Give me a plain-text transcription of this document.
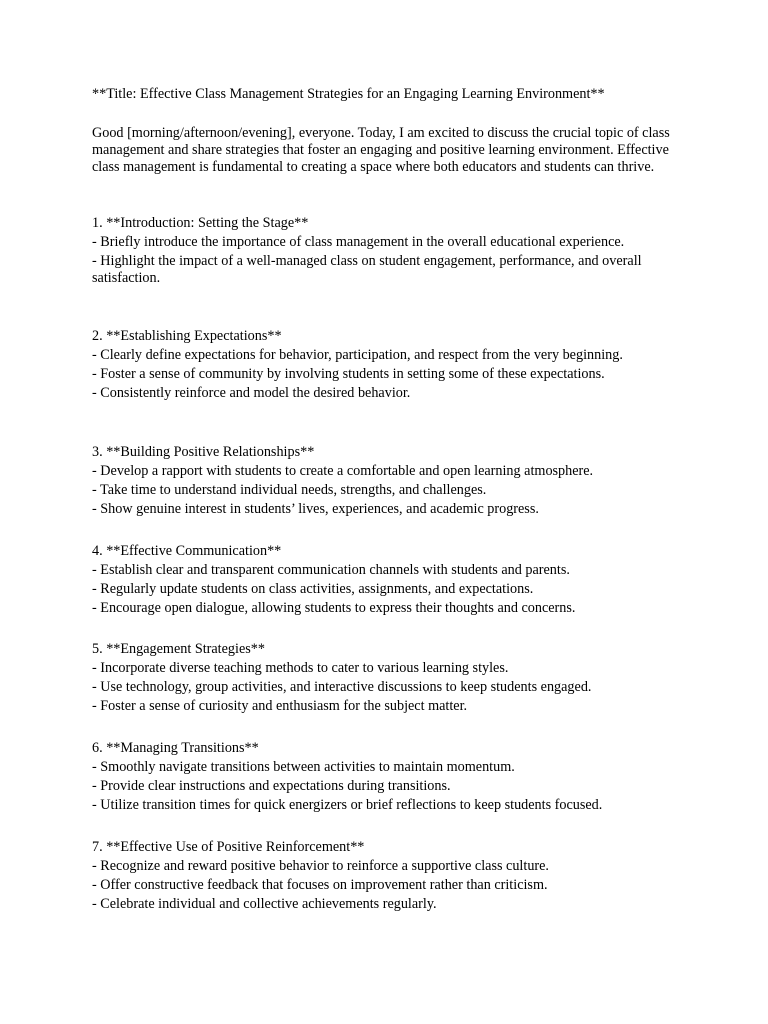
**Title: Effective Class Management Strategies for an Engaging Learning Environment**
Good [morning/afternoon/evening], everyone. Today, I am excited to discuss the crucial topic of class management and share strategies that foster an engaging and positive learning environment. Effective class management is fundamental to creating a space where both educators and students can thrive.
1. **Introduction: Setting the Stage**
- Briefly introduce the importance of class management in the overall educational experience.
- Highlight the impact of a well-managed class on student engagement, performance, and overall satisfaction.
2. **Establishing Expectations**
- Clearly define expectations for behavior, participation, and respect from the very beginning.
- Foster a sense of community by involving students in setting some of these expectations.
- Consistently reinforce and model the desired behavior.
3. **Building Positive Relationships**
- Develop a rapport with students to create a comfortable and open learning atmosphere.
- Take time to understand individual needs, strengths, and challenges.
- Show genuine interest in students’ lives, experiences, and academic progress.
4. **Effective Communication**
- Establish clear and transparent communication channels with students and parents.
- Regularly update students on class activities, assignments, and expectations.
- Encourage open dialogue, allowing students to express their thoughts and concerns.
5. **Engagement Strategies**
- Incorporate diverse teaching methods to cater to various learning styles.
- Use technology, group activities, and interactive discussions to keep students engaged.
- Foster a sense of curiosity and enthusiasm for the subject matter.
6. **Managing Transitions**
- Smoothly navigate transitions between activities to maintain momentum.
- Provide clear instructions and expectations during transitions.
- Utilize transition times for quick energizers or brief reflections to keep students focused.
7. **Effective Use of Positive Reinforcement**
- Recognize and reward positive behavior to reinforce a supportive class culture.
- Offer constructive feedback that focuses on improvement rather than criticism.
- Celebrate individual and collective achievements regularly.
